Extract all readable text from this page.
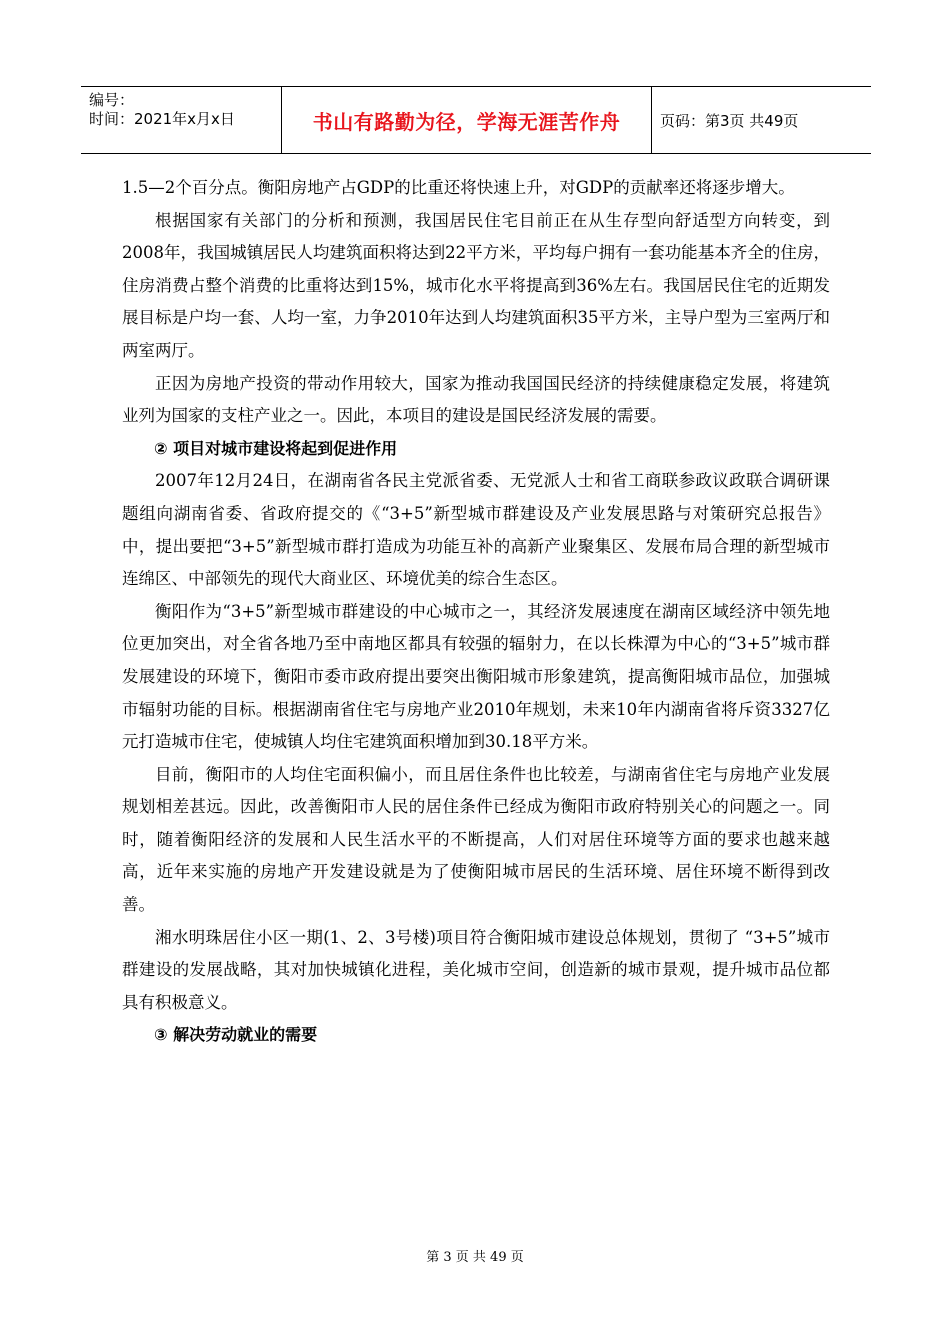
编号：
时间：2021年x月x日	书山有路勤为径，学海无涯苦作舟	页码：第3页 共49页

1.5—2个百分点。衡阳房地产占GDP的比重还将快速上升，对GDP的贡献率还将逐步增大。

根据国家有关部门的分析和预测，我国居民住宅目前正在从生存型向舒适型方向转变，到2008年，我国城镇居民人均建筑面积将达到22平方米，平均每户拥有一套功能基本齐全的住房，住房消费占整个消费的比重将达到15%，城市化水平将提高到36%左右。我国居民住宅的近期发展目标是户均一套、人均一室，力争2010年达到人均建筑面积35平方米，主导户型为三室两厅和两室两厅。

正因为房地产投资的带动作用较大，国家为推动我国国民经济的持续健康稳定发展，将建筑业列为国家的支柱产业之一。因此，本项目的建设是国民经济发展的需要。

② 项目对城市建设将起到促进作用

2007年12月24日，在湖南省各民主党派省委、无党派人士和省工商联参政议政联合调研课题组向湖南省委、省政府提交的《“3+5”新型城市群建设及产业发展思路与对策研究总报告》中，提出要把“3+5”新型城市群打造成为功能互补的高新产业聚集区、发展布局合理的新型城市连绵区、中部领先的现代大商业区、环境优美的综合生态区。

衡阳作为“3+5”新型城市群建设的中心城市之一，其经济发展速度在湖南区域经济中领先地位更加突出，对全省各地乃至中南地区都具有较强的辐射力，在以长株潭为中心的“3+5”城市群发展建设的环境下，衡阳市委市政府提出要突出衡阳城市形象建筑，提高衡阳城市品位，加强城市辐射功能的目标。根据湖南省住宅与房地产业2010年规划，未来10年内湖南省将斥资3327亿元打造城市住宅，使城镇人均住宅建筑面积增加到30.18平方米。

目前，衡阳市的人均住宅面积偏小，而且居住条件也比较差，与湖南省住宅与房地产业发展规划相差甚远。因此，改善衡阳市人民的居住条件已经成为衡阳市政府特别关心的问题之一。同时，随着衡阳经济的发展和人民生活水平的不断提高，人们对居住环境等方面的要求也越来越高，近年来实施的房地产开发建设就是为了使衡阳城市居民的生活环境、居住环境不断得到改善。

湘水明珠居住小区一期(1、2、3号楼)项目符合衡阳城市建设总体规划，贯彻了 “3+5”城市群建设的发展战略，其对加快城镇化进程，美化城市空间，创造新的城市景观，提升城市品位都具有积极意义。

③ 解决劳动就业的需要

第 3 页 共 49 页
